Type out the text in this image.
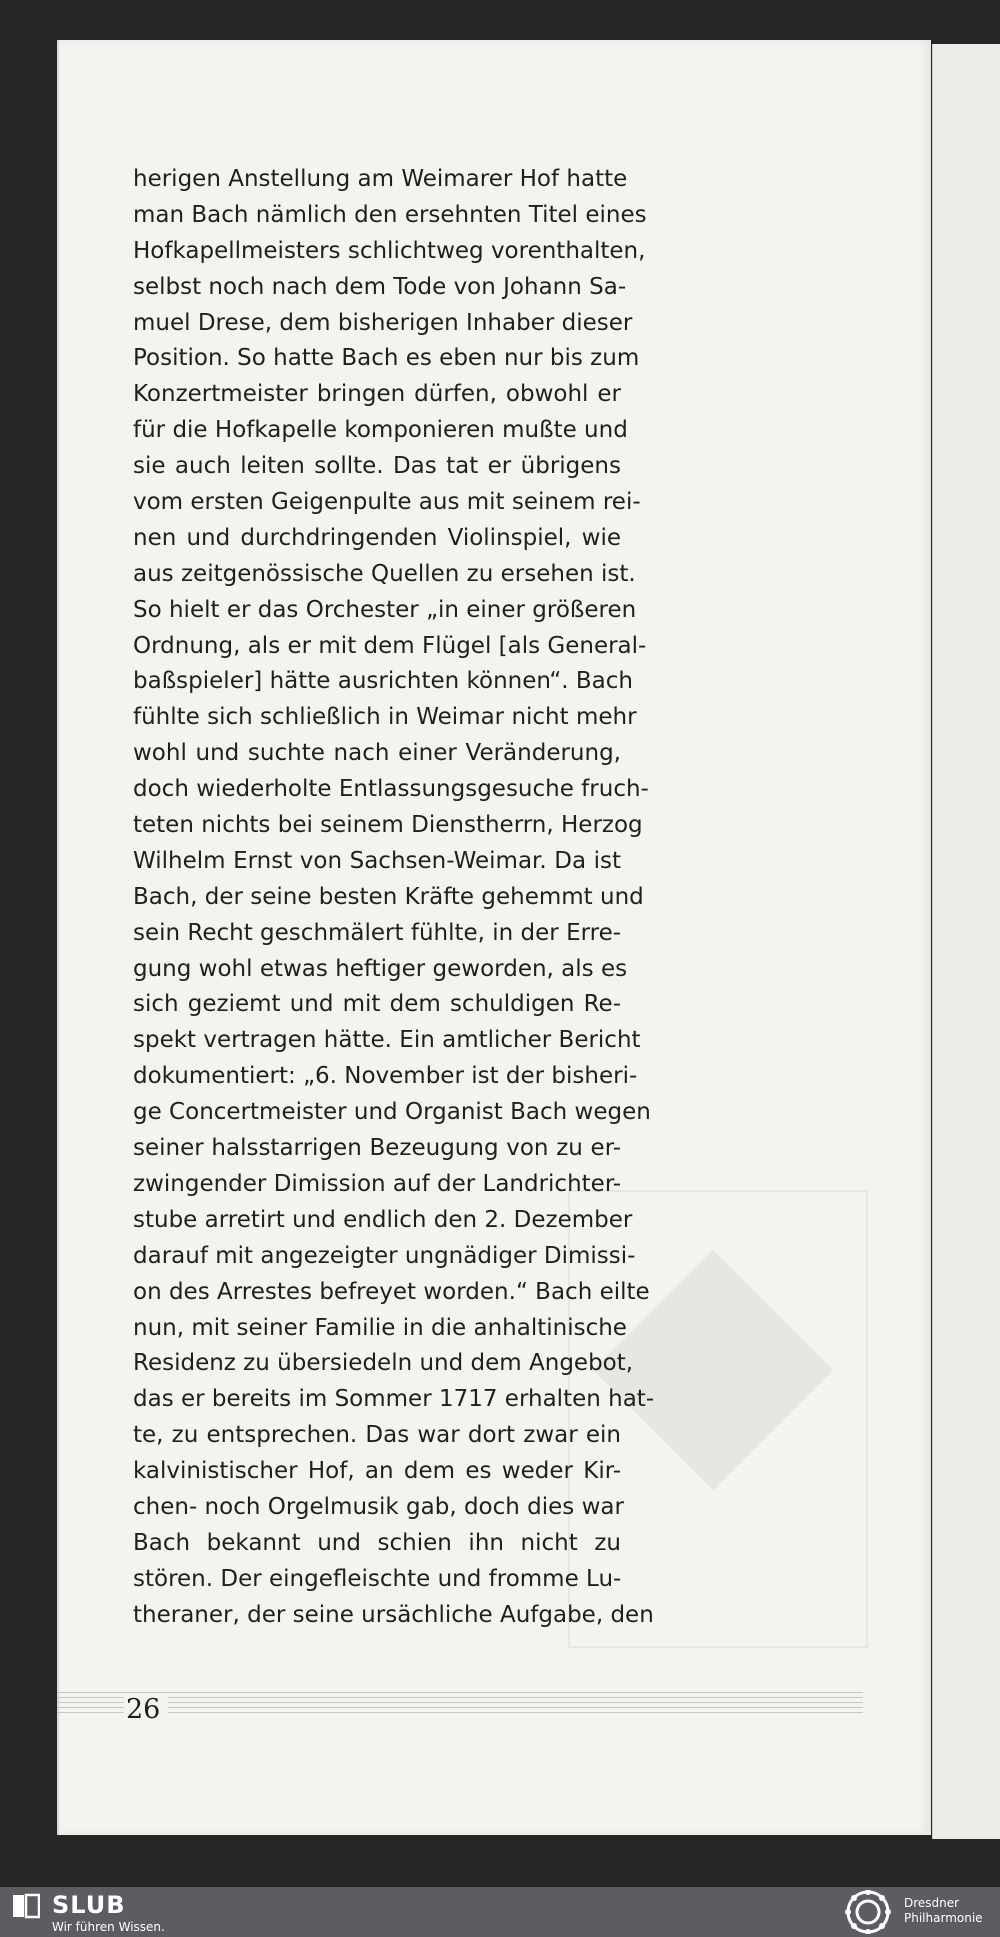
herigen Anstellung am Weimarer Hof hatte
man Bach nämlich den ersehnten Titel eines
Hofkapellmeisters schlichtweg vorenthalten,
selbst noch nach dem Tode von Johann Sa-
muel Drese, dem bisherigen Inhaber dieser
Position. So hatte Bach es eben nur bis zum
Konzertmeister bringen dürfen, obwohl er
für die Hofkapelle komponieren mußte und
sie auch leiten sollte. Das tat er übrigens
vom ersten Geigenpulte aus mit seinem rei-
nen und durchdringenden Violinspiel, wie
aus zeitgenössische Quellen zu ersehen ist.
So hielt er das Orchester „in einer größeren
Ordnung, als er mit dem Flügel [als General-
baßspieler] hätte ausrichten können“. Bach
fühlte sich schließlich in Weimar nicht mehr
wohl und suchte nach einer Veränderung,
doch wiederholte Entlassungsgesuche fruch-
teten nichts bei seinem Dienstherrn, Herzog
Wilhelm Ernst von Sachsen-Weimar. Da ist
Bach, der seine besten Kräfte gehemmt und
sein Recht geschmälert fühlte, in der Erre-
gung wohl etwas heftiger geworden, als es
sich geziemt und mit dem schuldigen Re-
spekt vertragen hätte. Ein amtlicher Bericht
dokumentiert: „6. November ist der bisheri-
ge Concertmeister und Organist Bach wegen
seiner halsstarrigen Bezeugung von zu er-
zwingender Dimission auf der Landrichter-
stube arretirt und endlich den 2. Dezember
darauf mit angezeigter ungnädiger Dimissi-
on des Arrestes befreyet worden.“ Bach eilte
nun, mit seiner Familie in die anhaltinische
Residenz zu übersiedeln und dem Angebot,
das er bereits im Sommer 1717 erhalten hat-
te, zu entsprechen. Das war dort zwar ein
kalvinistischer Hof, an dem es weder Kir-
chen- noch Orgelmusik gab, doch dies war
Bach bekannt und schien ihn nicht zu
stören. Der eingefleischte und fromme Lu-
theraner, der seine ursächliche Aufgabe, den
26
SLUB
Wir führen Wissen.
Dresdner
Philharmonie
